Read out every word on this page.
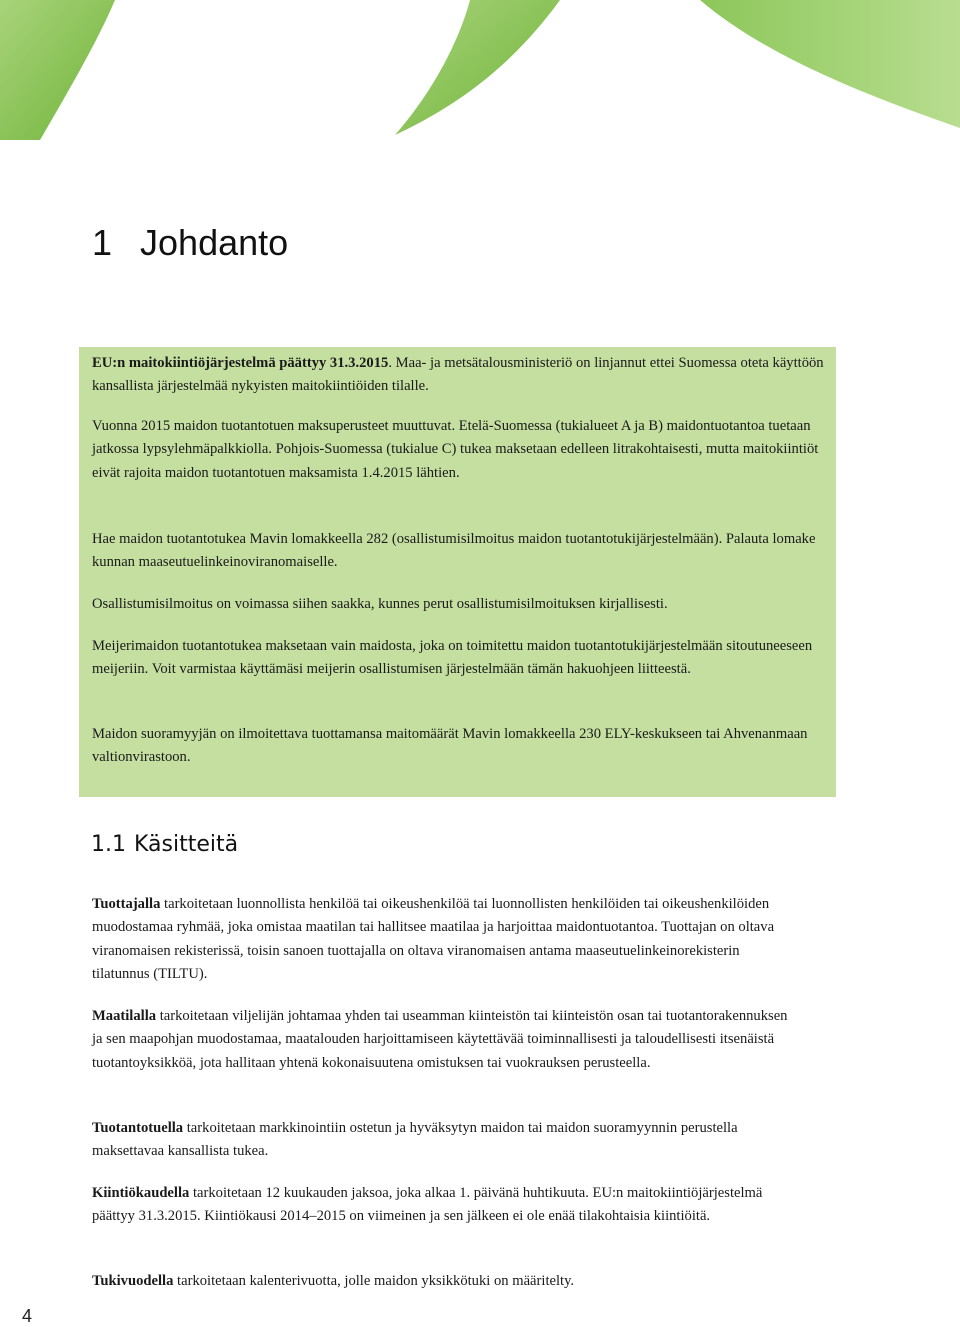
1 Johdanto

EU:n maitokiintiöjärjestelmä päättyy 31.3.2015. Maa- ja metsätalousministeriö on linjannut ettei Suomessa oteta käyttöön kansallista järjestelmää nykyisten maitokiintiöiden tilalle.

Vuonna 2015 maidon tuotantotuen maksuperusteet muuttuvat. Etelä-Suomessa (tukialueet A ja B) maidontuotantoa tuetaan jatkossa lypsylehmäpalkkiolla. Pohjois-Suomessa (tukialue C) tukea maksetaan edelleen litrakohtaisesti, mutta maitokiintiöt eivät rajoita maidon tuotantotuen maksamista 1.4.2015 lähtien.

Hae maidon tuotantotukea Mavin lomakkeella 282 (osallistumisilmoitus maidon tuotantotukijärjestelmään). Palauta lomake kunnan maaseutuelinkeinoviranomaiselle.

Osallistumisilmoitus on voimassa siihen saakka, kunnes perut osallistumisilmoituksen kirjallisesti.

Meijerimaidon tuotantotukea maksetaan vain maidosta, joka on toimitettu maidon tuotantotukijärjestelmään sitoutuneeseen meijeriin. Voit varmistaa käyttämäsi meijerin osallistumisen järjestelmään tämän hakuohjeen liitteestä.

Maidon suoramyyjän on ilmoitettava tuottamansa maitomäärät Mavin lomakkeella 230 ELY-keskukseen tai Ahvenanmaan valtionvirastoon.

1.1 Käsitteitä

Tuottajalla tarkoitetaan luonnollista henkilöä tai oikeushenkilöä tai luonnollisten henkilöiden tai oikeushenkilöiden muodostamaa ryhmää, joka omistaa maatilan tai hallitsee maatilaa ja harjoittaa maidontuotantoa. Tuottajan on oltava viranomaisen rekisterissä, toisin sanoen tuottajalla on oltava viranomaisen antama maaseutuelinkeinorekisterin tilatunnus (TILTU).

Maatilalla tarkoitetaan viljelijän johtamaa yhden tai useamman kiinteistön tai kiinteistön osan tai tuotantorakennuksen ja sen maapohjan muodostamaa, maatalouden harjoittamiseen käytettävää toiminnallisesti ja taloudellisesti itsenäistä tuotantoyksikköä, jota hallitaan yhtenä kokonaisuutena omistuksen tai vuokrauksen perusteella.

Tuotantotuella tarkoitetaan markkinointiin ostetun ja hyväksytyn maidon tai maidon suoramyynnin perustella maksettavaa kansallista tukea.

Kiintiökaudella tarkoitetaan 12 kuukauden jaksoa, joka alkaa 1. päivänä huhtikuuta. EU:n maitokiintiöjärjestelmä päättyy 31.3.2015. Kiintiökausi 2014–2015 on viimeinen ja sen jälkeen ei ole enää tilakohtaisia kiintiöitä.

Tukivuodella tarkoitetaan kalenterivuotta, jolle maidon yksikkötuki on määritelty.

4
